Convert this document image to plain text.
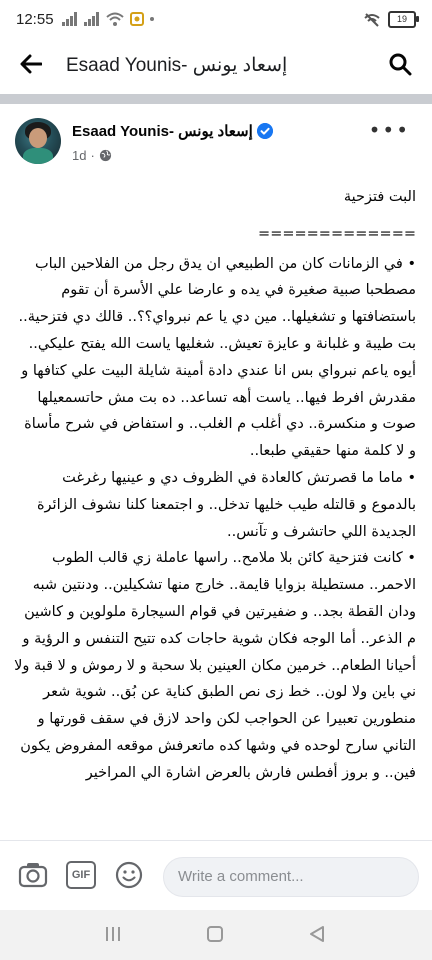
12:55	19
Esaad Younis- إسعاد يونس
Esaad Younis- إسعاد يونس
1d ·
•••

البت فتزحية

=============

• في الزمانات كان من الطبيعي ان يدق رجل من الفلاحين الباب مصطحبا صبية صغيرة في يده و عارضا علي الأسرة أن تقوم باستضافتها و تشغيلها.. مين دي يا عم نبرواي؟؟.. قالك دي فتزحية.. بت طيبة و غلبانة و عايزة تعيش.. شغليها ياست الله يفتح عليكي.. أيوه ياعم نبرواي بس انا عندي دادة أمينة شايلة البيت علي كتافها و مقدرش افرط فيها.. ياست أهه تساعد.. ده بت مش حاتسمعيلها صوت و منكسرة.. دي أغلب م الغلب.. و استفاض في شرح مأساة و لا كلمة منها حقيقي طبعا..

• ماما ما قصرتش كالعادة في الظروف دي و عينيها رغرغت بالدموع و قالتله طيب خليها تدخل.. و اجتمعنا كلنا نشوف الزائرة الجديدة اللي حاتشرف و تآنس..

• كانت فتزحية كائن بلا ملامح.. راسها عاملة زي قالب الطوب الاحمر.. مستطيلة بزوايا قايمة.. خارج منها تشكيلين.. ودنتين شبه ودان القطة بجد.. و ضفيرتين في قوام السيجارة ملولوين و كاشين م الذعر.. أما الوجه فكان شوية حاجات كده تتيح التنفس و الرؤية و أحيانا الطعام.. خرمين مكان العينين بلا سحبة و لا رموش و لا قبة ولا ني باين ولا لون.. خط زى نص الطبق كناية عن بُق.. شوية شعر منطورين تعبيرا عن الحواجب لكن واحد لازق في سقف قورتها و التاني سارح لوحده في وشها كده ماتعرفش موقعه المفروض يكون فين.. و بروز أفطس فارش بالعرض اشارة الي المراخير

GIF	Write a comment...
